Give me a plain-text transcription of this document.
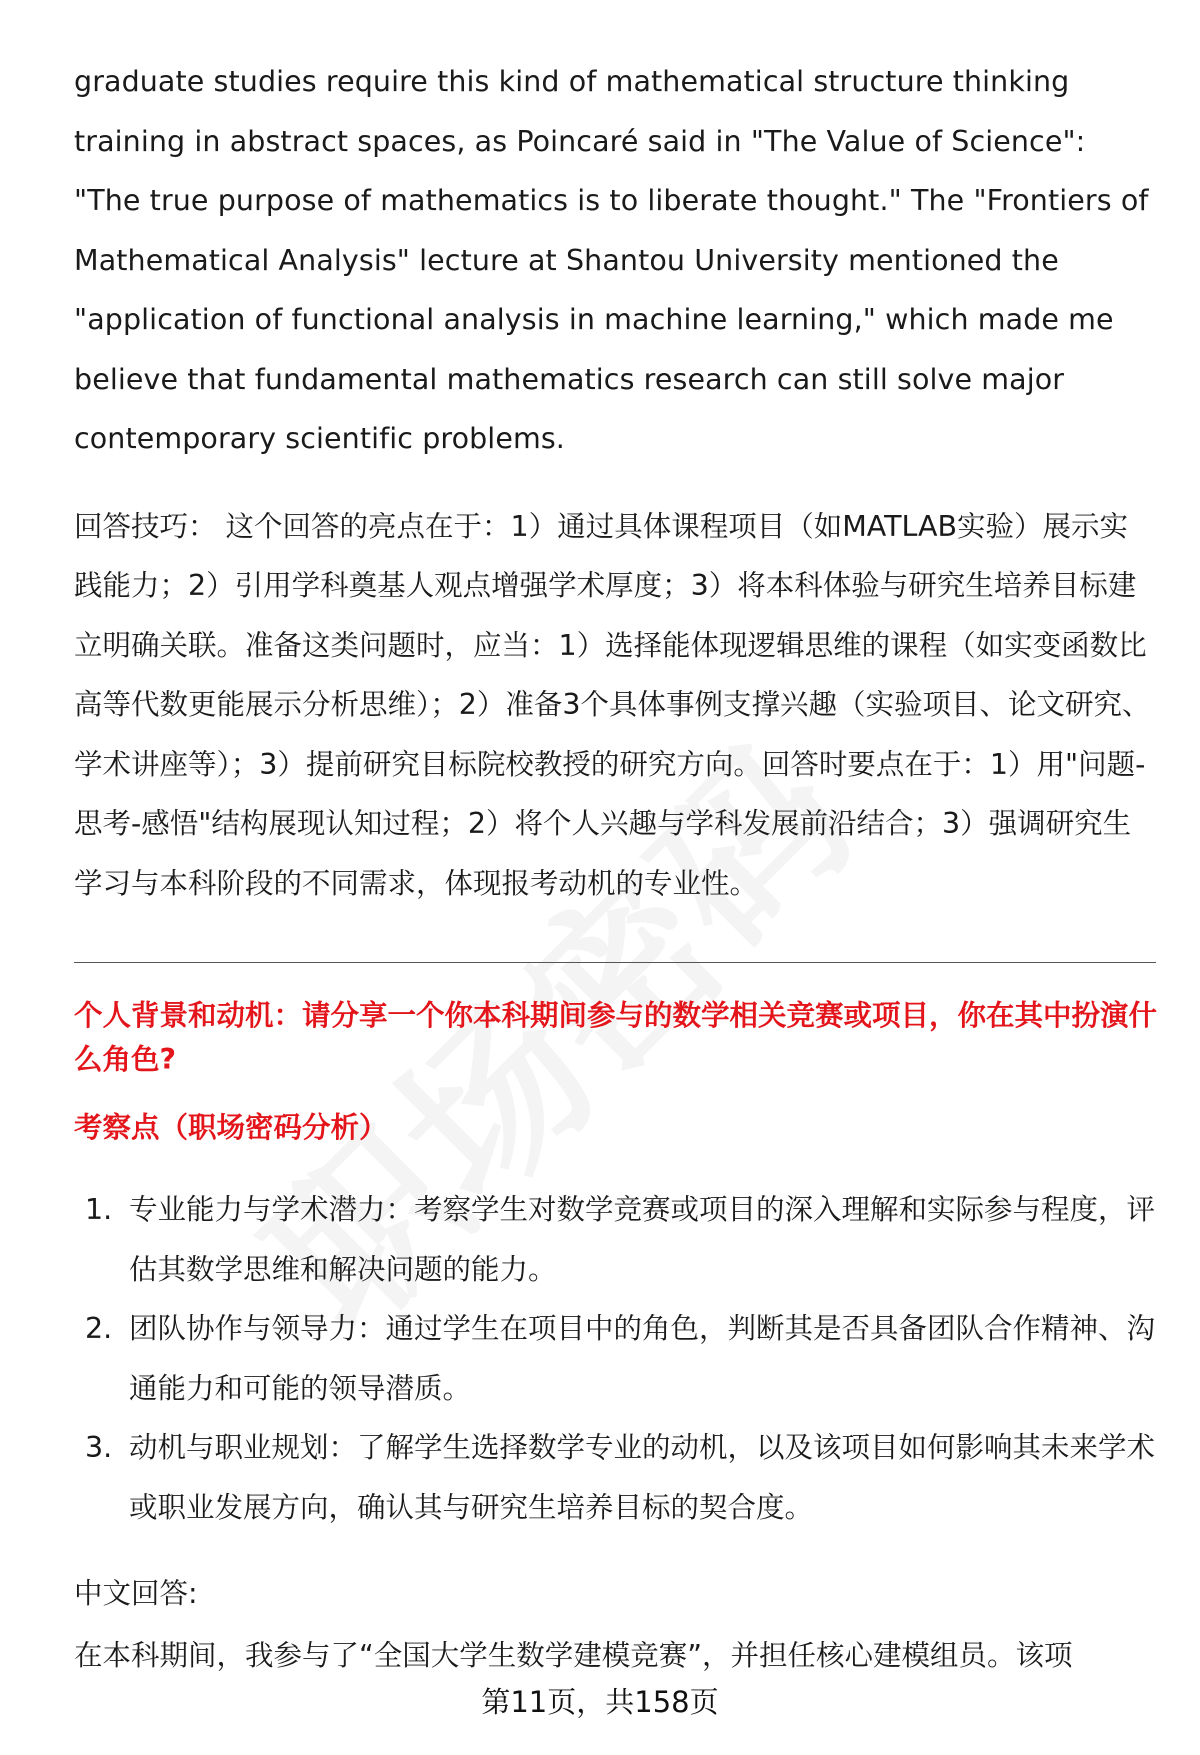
graduate studies require this kind of mathematical structure thinking training in abstract spaces, as Poincaré said in "The Value of Science": "The true purpose of mathematics is to liberate thought." The "Frontiers of Mathematical Analysis" lecture at Shantou University mentioned the "application of functional analysis in machine learning," which made me believe that fundamental mathematics research can still solve major contemporary scientific problems.

回答技巧： 这个回答的亮点在于：1）通过具体课程项目（如MATLAB实验）展示实践能力；2）引用学科奠基人观点增强学术厚度；3）将本科体验与研究生培养目标建立明确关联。准备这类问题时，应当：1）选择能体现逻辑思维的课程（如实变函数比高等代数更能展示分析思维）；2）准备3个具体事例支撑兴趣（实验项目、论文研究、学术讲座等）；3）提前研究目标院校教授的研究方向。回答时要点在于：1）用"问题-思考-感悟"结构展现认知过程；2）将个人兴趣与学科发展前沿结合；3）强调研究生学习与本科阶段的不同需求，体现报考动机的专业性。

个人背景和动机：请分享一个你本科期间参与的数学相关竞赛或项目，你在其中扮演什么角色?

考察点（职场密码分析）

1. 专业能力与学术潜力：考察学生对数学竞赛或项目的深入理解和实际参与程度，评估其数学思维和解决问题的能力。
2. 团队协作与领导力：通过学生在项目中的角色，判断其是否具备团队合作精神、沟通能力和可能的领导潜质。
3. 动机与职业规划：了解学生选择数学专业的动机，以及该项目如何影响其未来学术或职业发展方向，确认其与研究生培养目标的契合度。

中文回答:

在本科期间，我参与了“全国大学生数学建模竞赛”，并担任核心建模组员。该项

第11页，共158页
